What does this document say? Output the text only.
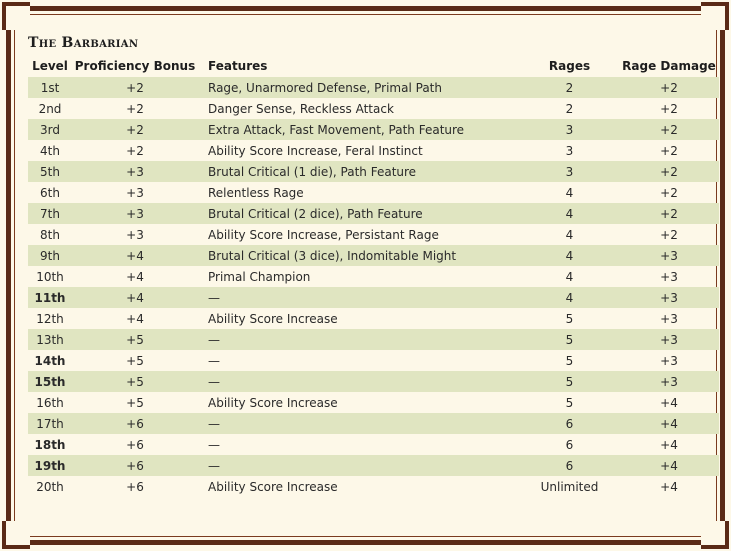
The Barbarian
Level	Proficiency Bonus	Features	Rages	Rage Damage
1st	+2	Rage, Unarmored Defense, Primal Path	2	+2
2nd	+2	Danger Sense, Reckless Attack	2	+2
3rd	+2	Extra Attack, Fast Movement, Path Feature	3	+2
4th	+2	Ability Score Increase, Feral Instinct	3	+2
5th	+3	Brutal Critical (1 die), Path Feature	3	+2
6th	+3	Relentless Rage	4	+2
7th	+3	Brutal Critical (2 dice), Path Feature	4	+2
8th	+3	Ability Score Increase, Persistant Rage	4	+2
9th	+4	Brutal Critical (3 dice), Indomitable Might	4	+3
10th	+4	Primal Champion	4	+3
11th	+4	—	4	+3
12th	+4	Ability Score Increase	5	+3
13th	+5	—	5	+3
14th	+5	—	5	+3
15th	+5	—	5	+3
16th	+5	Ability Score Increase	5	+4
17th	+6	—	6	+4
18th	+6	—	6	+4
19th	+6	—	6	+4
20th	+6	Ability Score Increase	Unlimited	+4
